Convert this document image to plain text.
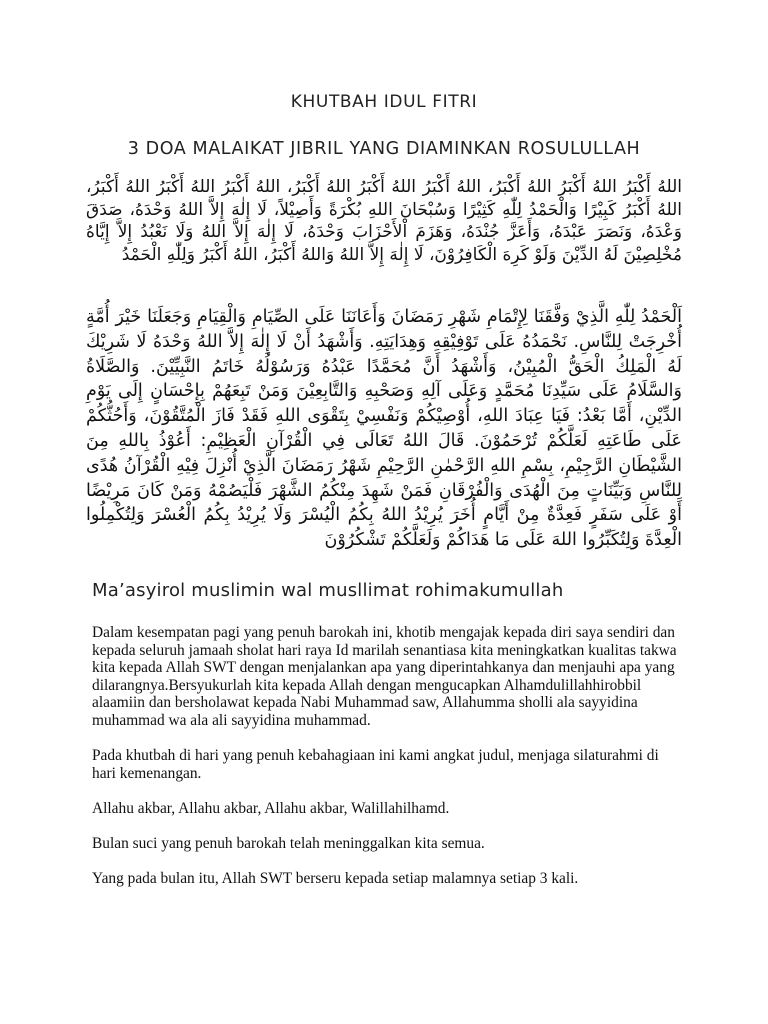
KHUTBAH IDUL FITRI
3 DOA MALAIKAT JIBRIL YANG DIAMINKAN ROSULULLAH

اللهُ أَكْبَرُ اللهُ أَكْبَرُ اللهُ أَكْبَرُ، اللهُ أَكْبَرُ اللهُ أَكْبَرُ اللهُ أَكْبَرُ، اللهُ أَكْبَرُ اللهُ أَكْبَرُ اللهُ أَكْبَرُ، اللهُ أَكْبَرُ كَبِيْرًا وَالْحَمْدُ لِلّٰهِ كَثِيْرًا وَسُبْحَانَ اللهِ بُكْرَةً وَأَصِيْلاً، لَا إِلٰهَ إِلاَّ اللهُ وَحْدَهُ، صَدَقَ وَعْدَهُ، وَنَصَرَ عَبْدَهُ، وَأَعَزَّ جُنْدَهُ، وَهَزَمَ اْلأَحْزَابَ وَحْدَهُ، لَا إِلٰهَ إِلاَّ اللهُ وَلَا نَعْبُدُ إِلاَّ إِيَّاهُ مُخْلِصِيْنَ لَهُ الدِّيْنَ وَلَوْ كَرِهَ الْكَافِرُوْنَ، لَا إِلٰهَ إِلاَّ اللهُ وَاللهُ أَكْبَرُ، اللهُ أَكْبَرُ وَلِلّٰهِ الْحَمْدُ

اَلْحَمْدُ لِلّٰهِ الَّذِيْ وَفَّقَنَا لِإِتْمَامِ شَهْرِ رَمَضَانَ وَأَعَانَنَا عَلَى الصِّيَامِ وَالْقِيَامِ وَجَعَلَنَا خَيْرَ أُمَّةٍ أُخْرِجَتْ لِلنَّاسِ. نَحْمَدُهُ عَلَى تَوْفِيْقِهِ وَهِدَايَتِهِ. وَأَشْهَدُ أَنْ لَا إِلٰهَ إِلاَّ اللهُ وَحْدَهُ لَا شَرِيْكَ لَهُ الْمَلِكُ الْحَقُّ الْمُبِيْنُ، وَأَشْهَدُ أَنَّ مُحَمَّدًا عَبْدُهُ وَرَسُوْلُهُ خَاتَمُ النَّبِيِّيْنَ. وَالصَّلَاةُ وَالسَّلَامُ عَلَى سَيِّدِنَا مُحَمَّدٍ وَعَلَى آلِهِ وَصَحْبِهِ وَالتَّابِعِيْنَ وَمَنْ تَبِعَهُمْ بِإِحْسَانٍ إِلَى يَوْمِ الدِّيْنِ، أَمَّا بَعْدُ: فَيَا عِبَادَ اللهِ، أُوْصِيْكُمْ وَنَفْسِيْ بِتَقْوَى اللهِ فَقَدْ فَازَ الْمُتَّقُوْنَ، وَأَحُثُّكُمْ عَلَى طَاعَتِهِ لَعَلَّكُمْ تُرْحَمُوْنَ. قَالَ اللهُ تَعَالَى فِي الْقُرْآنِ الْعَظِيْمِ: أَعُوْذُ بِاللهِ مِنَ الشَّيْطَانِ الرَّجِيْمِ، بِسْمِ اللهِ الرَّحْمٰنِ الرَّحِيْمِ شَهْرُ رَمَضَانَ الَّذِيْ أُنْزِلَ فِيْهِ الْقُرْآنُ هُدًى لِلنَّاسِ وَبَيِّنَاتٍ مِنَ الْهُدَى وَالْفُرْقَانِ فَمَنْ شَهِدَ مِنْكُمُ الشَّهْرَ فَلْيَصُمْهُ وَمَنْ كَانَ مَرِيْضًا أَوْ عَلَى سَفَرٍ فَعِدَّةٌ مِنْ أَيَّامٍ أُخَرَ يُرِيْدُ اللهُ بِكُمُ الْيُسْرَ وَلَا يُرِيْدُ بِكُمُ الْعُسْرَ وَلِتُكْمِلُوا الْعِدَّةَ وَلِتُكَبِّرُوا اللهَ عَلَى مَا هَدَاكُمْ وَلَعَلَّكُمْ تَشْكُرُوْنَ

Ma’asyirol muslimin wal musllimat rohimakumullah

Dalam kesempatan pagi yang penuh barokah ini, khotib mengajak kepada diri saya sendiri dan kepada seluruh jamaah sholat hari raya Id marilah senantiasa kita meningkatkan kualitas takwa kita kepada Allah SWT dengan menjalankan apa yang diperintahkanya dan menjauhi apa yang dilarangnya.Bersyukurlah kita kepada Allah dengan mengucapkan Alhamdulillahhirobbil alaamiin dan bersholawat kepada Nabi Muhammad saw, Allahumma sholli ala sayyidina muhammad wa ala ali sayyidina muhammad.

Pada khutbah di hari yang penuh kebahagiaan ini kami angkat judul, menjaga silaturahmi di hari kemenangan.

Allahu akbar, Allahu akbar, Allahu akbar, Walillahilhamd.

Bulan suci yang penuh barokah telah meninggalkan kita semua.

Yang pada bulan itu, Allah SWT berseru kepada setiap malamnya setiap 3 kali.
